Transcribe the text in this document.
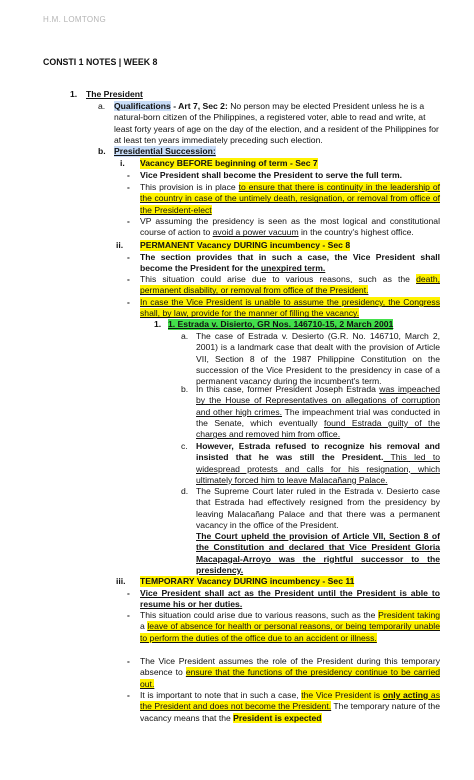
H.M. LOMTONG
CONSTI 1 NOTES | WEEK 8
1. The President
a. Qualifications - Art 7, Sec 2: No person may be elected President unless he is a natural-born citizen of the Philippines, a registered voter, able to read and write, at least forty years of age on the day of the election, and a resident of the Philippines for at least ten years immediately preceding such election.
b. Presidential Succession:
i. Vacancy BEFORE beginning of term - Sec 7
- Vice President shall become the President to serve the full term.
- This provision is in place to ensure that there is continuity in the leadership of the country in case of the untimely death, resignation, or removal from office of the President-elect
- VP assuming the presidency is seen as the most logical and constitutional course of action to avoid a power vacuum in the country's highest office.
ii. PERMANENT Vacancy DURING incumbency - Sec 8
- The section provides that in such a case, the Vice President shall become the President for the unexpired term.
- This situation could arise due to various reasons, such as the death, permanent disability, or removal from office of the President.
- In case the Vice President is unable to assume the presidency, the Congress shall, by law, provide for the manner of filling the vacancy.
1. 1. Estrada v. Disierto, GR Nos. 146710-15, 2 March 2001
a. The case of Estrada v. Desierto (G.R. No. 146710, March 2, 2001) is a landmark case that dealt with the provision of Article VII, Section 8 of the 1987 Philippine Constitution on the succession of the Vice President to the presidency in case of a permanent vacancy during the incumbent's term.
b. In this case, former President Joseph Estrada was impeached by the House of Representatives on allegations of corruption and other high crimes. The impeachment trial was conducted in the Senate, which eventually found Estrada guilty of the charges and removed him from office.
c. However, Estrada refused to recognize his removal and insisted that he was still the President. This led to widespread protests and calls for his resignation, which ultimately forced him to leave Malacañang Palace.
d. The Supreme Court later ruled in the Estrada v. Desierto case that Estrada had effectively resigned from the presidency by leaving Malacañang Palace and that there was a permanent vacancy in the office of the President.
The Court upheld the provision of Article VII, Section 8 of the Constitution and declared that Vice President Gloria Macapagal-Arroyo was the rightful successor to the presidency.
iii. TEMPORARY Vacancy DURING incumbency - Sec 11
- Vice President shall act as the President until the President is able to resume his or her duties.
- This situation could arise due to various reasons, such as the President taking a leave of absence for health or personal reasons, or being temporarily unable to perform the duties of the office due to an accident or illness.
- The Vice President assumes the role of the President during this temporary absence to ensure that the functions of the presidency continue to be carried out.
- It is important to note that in such a case, the Vice President is only acting as the President and does not become the President. The temporary nature of the vacancy means that the President is expected
